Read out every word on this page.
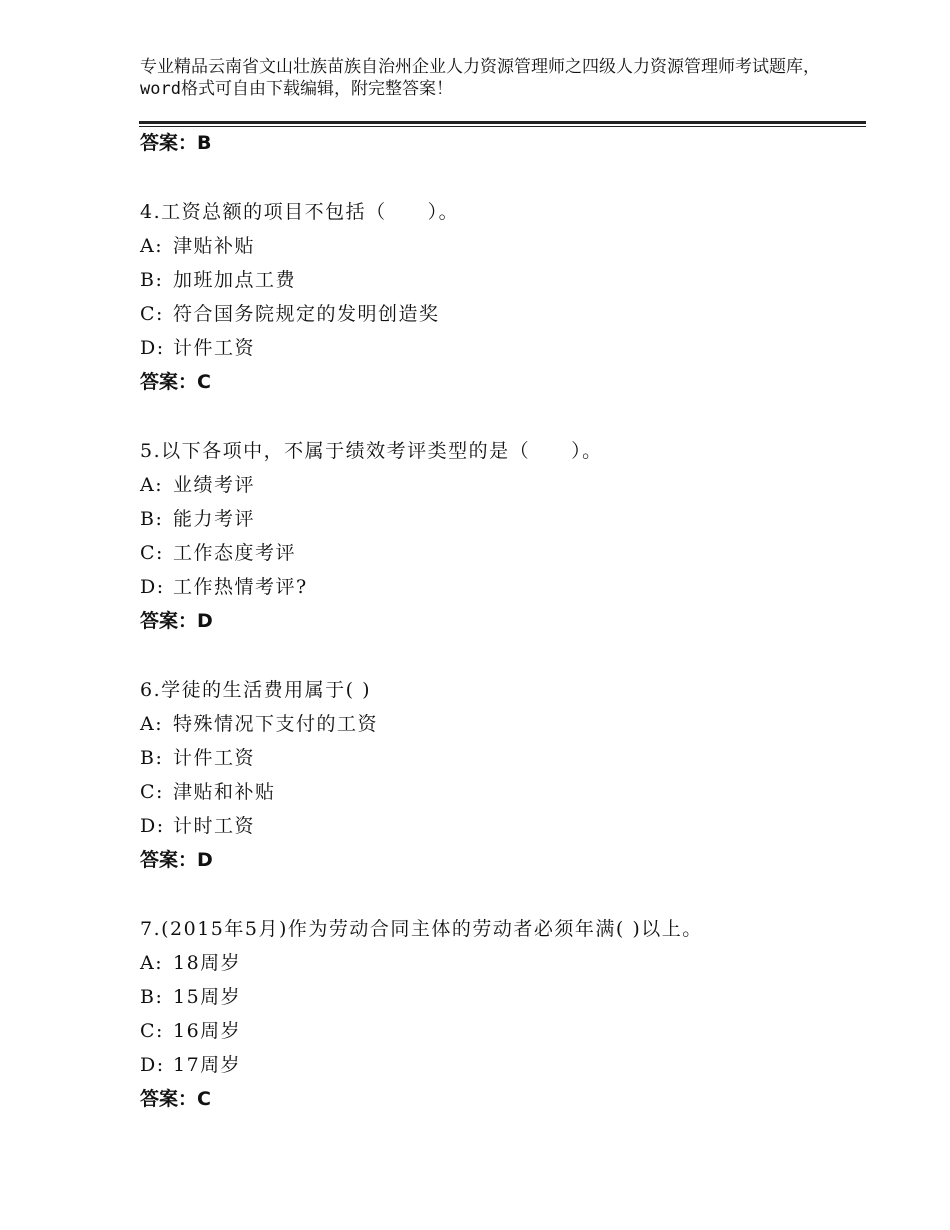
专业精品云南省文山壮族苗族自治州企业人力资源管理师之四级人力资源管理师考试题库，word格式可自由下载编辑，附完整答案！
答案：B
4.工资总额的项目不包括（　　）。
A: 津贴补贴
B: 加班加点工费
C: 符合国务院规定的发明创造奖
D: 计件工资
答案：C
5.以下各项中，不属于绩效考评类型的是（　　）。
A: 业绩考评
B: 能力考评
C: 工作态度考评
D: 工作热情考评?
答案：D
6.学徒的生活费用属于( )
A: 特殊情况下支付的工资
B: 计件工资
C: 津贴和补贴
D: 计时工资
答案：D
7.(2015年5月)作为劳动合同主体的劳动者必须年满( )以上。
A: 18周岁
B: 15周岁
C: 16周岁
D: 17周岁
答案：C
